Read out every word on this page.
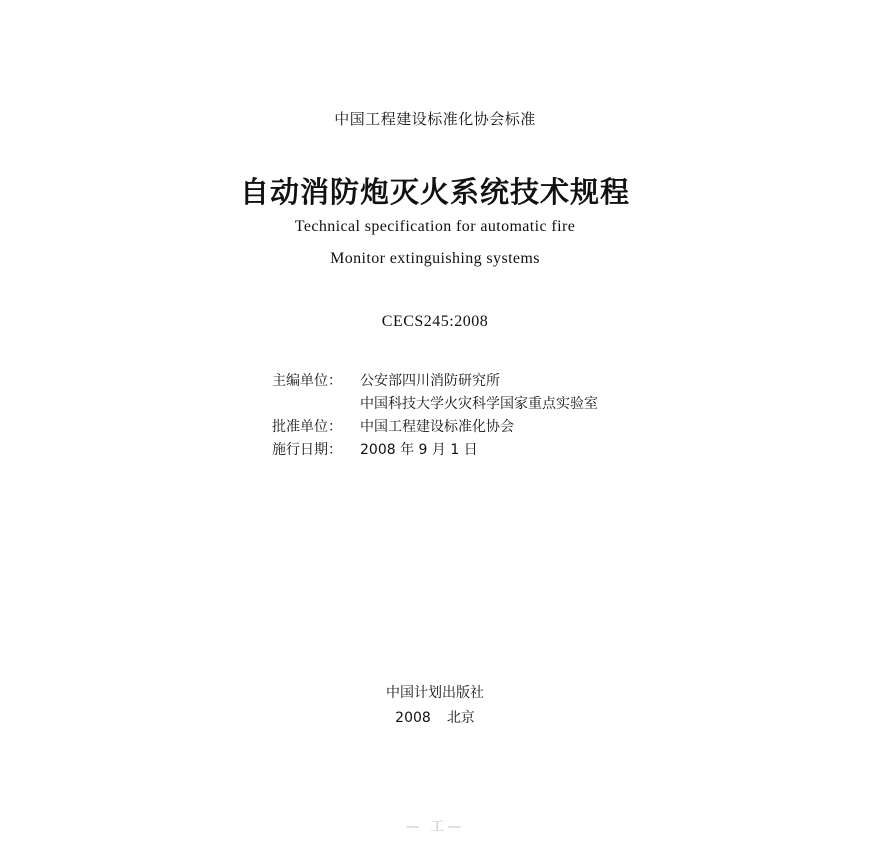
中国工程建设标准化协会标准
自动消防炮灭火系统技术规程
Technical specification for automatic fire
Monitor extinguishing systems
CECS245:2008
主编单位： 公安部四川消防研究所
中国科技大学火灾科学国家重点实验室
批准单位： 中国工程建设标准化协会
施行日期： 2008 年 9 月 1 日
中国计划出版社
2008 北京
— 工—
